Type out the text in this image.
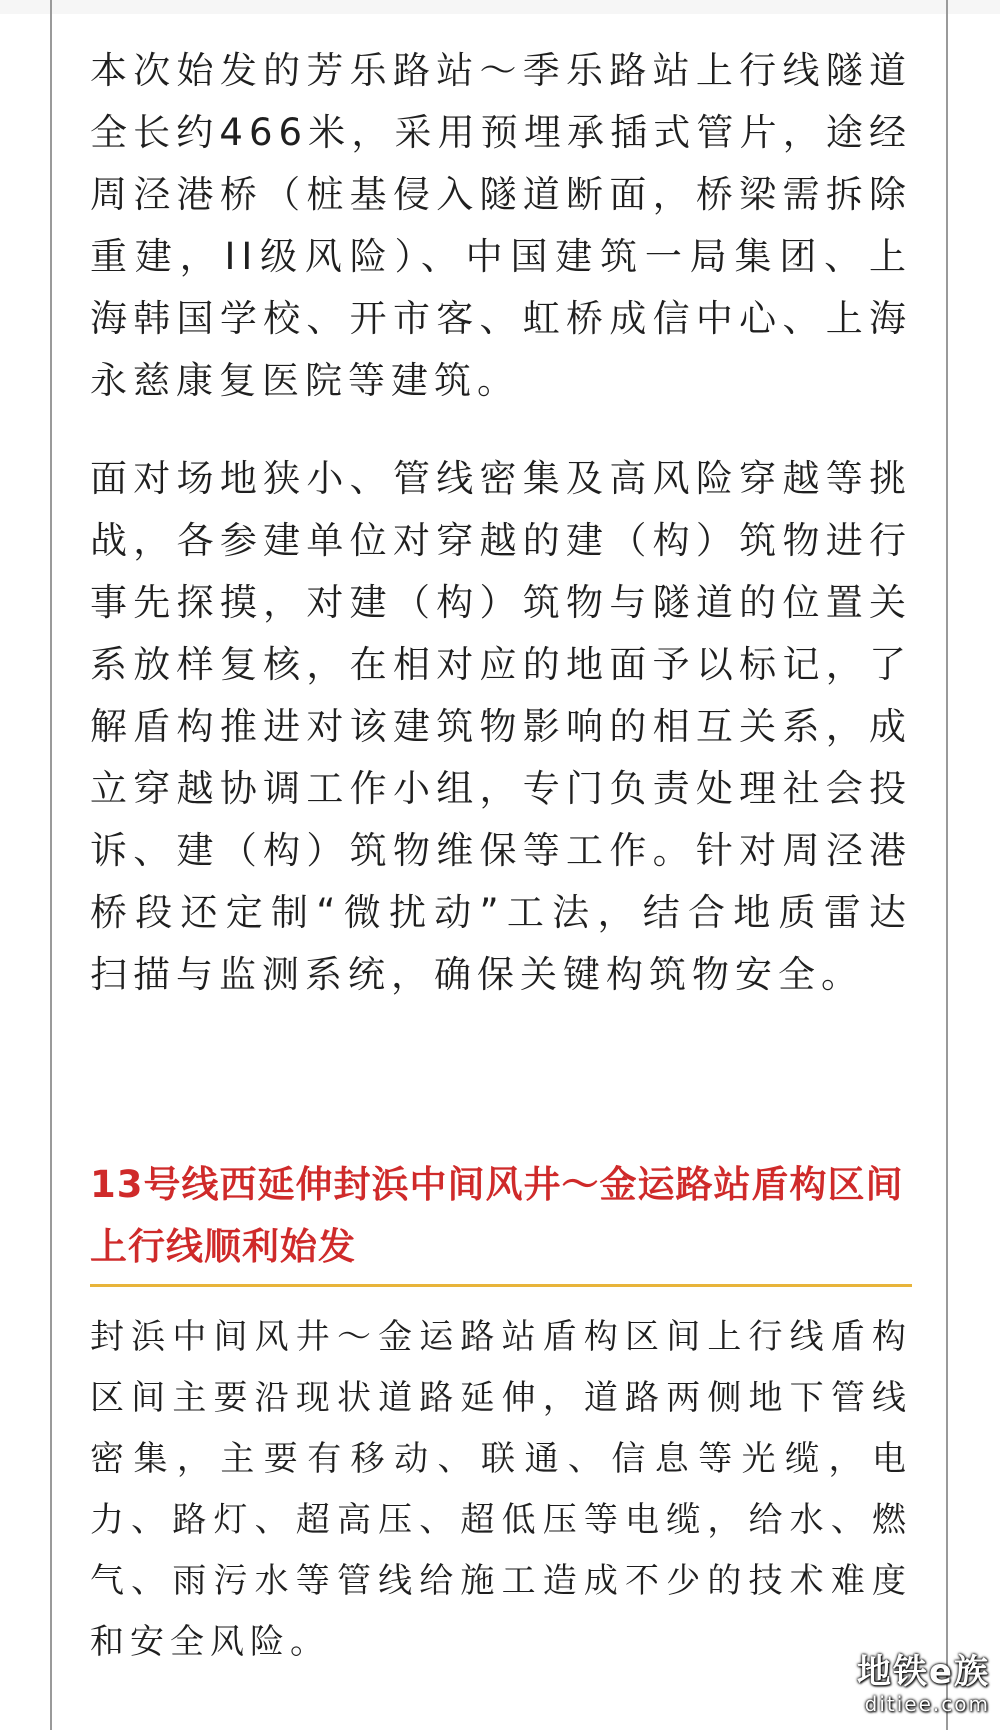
本次始发的芳乐路站～季乐路站上行线隧道全长约466米，采用预埋承插式管片，途经周泾港桥（桩基侵入隧道断面，桥梁需拆除重建，II级风险）、中国建筑一局集团、上海韩国学校、开市客、虹桥成信中心、上海永慈康复医院等建筑。

面对场地狭小、管线密集及高风险穿越等挑战，各参建单位对穿越的建（构）筑物进行事先探摸，对建（构）筑物与隧道的位置关系放样复核，在相对应的地面予以标记，了解盾构推进对该建筑物影响的相互关系，成立穿越协调工作小组，专门负责处理社会投诉、建（构）筑物维保等工作。针对周泾港桥段还定制“微扰动”工法，结合地质雷达扫描与监测系统，确保关键构筑物安全。

13号线西延伸封浜中间风井～金运路站盾构区间上行线顺利始发

封浜中间风井～金运路站盾构区间上行线盾构区间主要沿现状道路延伸，道路两侧地下管线密集，主要有移动、联通、信息等光缆，电力、路灯、超高压、超低压等电缆，给水、燃气、雨污水等管线给施工造成不少的技术难度和安全风险。

地铁e族
ditiee.com
